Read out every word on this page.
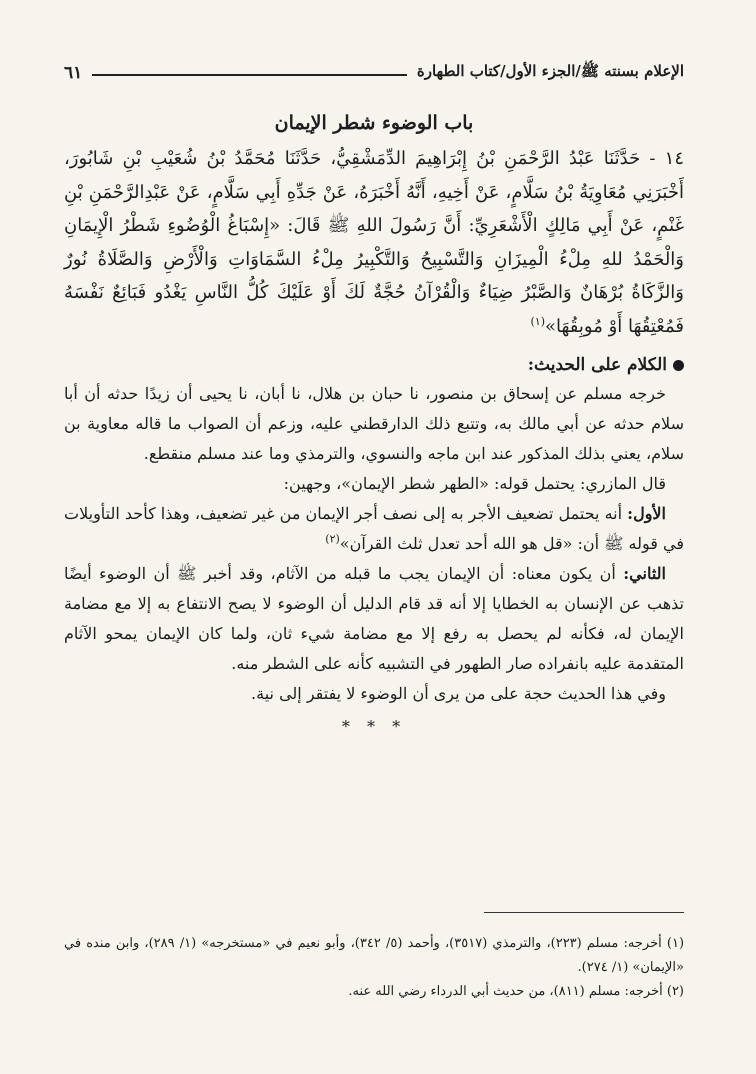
الإعلام بسنته ﷺ/الجزء الأول/كتاب الطهارة
٦١
باب الوضوء شطر الإيمان

١٤ - حَدَّثَنَا عَبْدُ الرَّحْمَنِ بْنُ إِبْرَاهِيمَ الدِّمَشْقِيُّ، حَدَّثَنَا مُحَمَّدُ بْنُ شُعَيْبِ بْنِ شَابُورَ، أَخْبَرَنِي مُعَاوِيَةُ بْنُ سَلَّامٍ، عَنْ أَخِيهِ، أَنَّهُ أَخْبَرَهُ، عَنْ جَدِّهِ أَبِي سَلَّامٍ، عَنْ عَبْدِالرَّحْمَنِ بْنِ غَنْمٍ، عَنْ أَبِي مَالِكٍ الْأَشْعَرِيِّ: أَنَّ رَسُولَ اللهِ ﷺ قَالَ: «إِسْبَاغُ الْوُضُوءِ شَطْرُ الْإِيمَانِ وَالْحَمْدُ للهِ مِلْءُ الْمِيزَانِ وَالتَّسْبِيحُ وَالتَّكْبِيرُ مِلْءُ السَّمَاوَاتِ وَالْأَرْضِ وَالصَّلَاةُ نُورٌ وَالزَّكَاةُ بُرْهَانٌ وَالصَّبْرُ ضِيَاءٌ وَالْقُرْآنُ حُجَّةٌ لَكَ أَوْ عَلَيْكَ كُلُّ النَّاسِ يَغْدُو فَبَائِعٌ نَفْسَهُ فَمُعْتِقُهَا أَوْ مُوبِقُهَا»$^{(١)}$

الكلام على الحديث:

خرجه مسلم عن إسحاق بن منصور، نا حبان بن هلال، نا أبان، نا يحيى أن زيدًا حدثه أن أبا سلام حدثه عن أبي مالك به، وتتبع ذلك الدارقطني عليه، وزعم أن الصواب ما قاله معاوية بن سلام، يعني بذلك المذكور عند ابن ماجه والنسوي، والترمذي وما عند مسلم منقطع.

قال المازري: يحتمل قوله: «الطهر شطر الإيمان»، وجهين:

الأول: أنه يحتمل تضعيف الأجر به إلى نصف أجر الإيمان من غير تضعيف، وهذا كأحد التأويلات في قوله ﷺ أن: «قل هو الله أحد تعدل ثلث القرآن»$^{(٢)}$

الثاني: أن يكون معناه: أن الإيمان يجب ما قبله من الآثام، وقد أخبر ﷺ أن الوضوء أيضًا تذهب عن الإنسان به الخطايا إلا أنه قد قام الدليل أن الوضوء لا يصح الانتفاع به إلا مع مضامة الإيمان له، فكأنه لم يحصل به رفع إلا مع مضامة شيء ثان، ولما كان الإيمان يمحو الآثام المتقدمة عليه بانفراده صار الطهور في التشبيه كأنه على الشطر منه.

وفي هذا الحديث حجة على من يرى أن الوضوء لا يفتقر إلى نية.

* * *

(١) أخرجه: مسلم (٢٢٣)، والترمذي (٣٥١٧)، وأحمد (٥/ ٣٤٢)، وأبو نعيم في «مستخرجه» (١/ ٢٨٩)، وابن منده في «الإيمان» (١/ ٢٧٤).

(٢) أخرجه: مسلم (٨١١)، من حديث أبي الدرداء رضي الله عنه.
